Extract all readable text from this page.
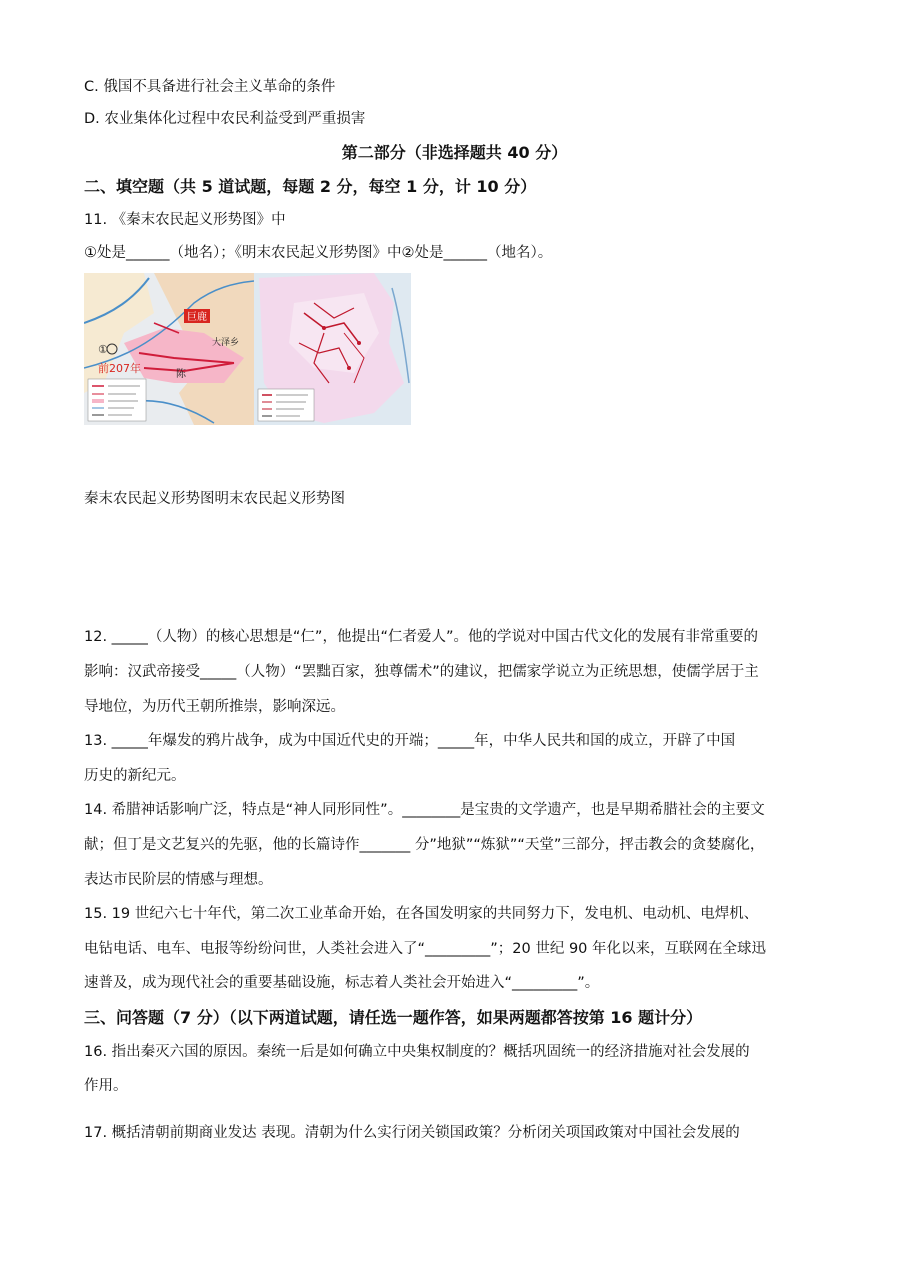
C. 俄国不具备进行社会主义革命的条件
D. 农业集体化过程中农民利益受到严重损害
第二部分（非选择题共 40 分）
二、填空题（共 5 道试题，每题 2 分，每空 1 分，计 10 分）
11. 《秦末农民起义形势图》中
①处是______（地名）；《明末农民起义形势图》中②处是______（地名）。
巨鹿
①
前207年
大泽乡
陈
秦末农民起义形势图明末农民起义形势图
12. _____（人物）的核心思想是“仁”，他提出“仁者爱人”。他的学说对中国古代文化的发展有非常重要的
影响：汉武帝接受_____（人物）“罢黜百家，独尊儒术”的建议，把儒家学说立为正统思想，使儒学居于主
导地位，为历代王朝所推崇，影响深远。
13. _____年爆发的鸦片战争，成为中国近代史的开端；_____年，中华人民共和国的成立，开辟了中国
历史的新纪元。
14. 希腊神话影响广泛，特点是“神人同形同性”。________是宝贵的文学遗产，也是早期希腊社会的主要文
献；但丁是文艺复兴的先驱，他的长篇诗作_______ 分”地狱”“炼狱”“天堂”三部分，抨击教会的贪婪腐化，
表达市民阶层的情感与理想。
15. 19 世纪六七十年代，第二次工业革命开始，在各国发明家的共同努力下，发电机、电动机、电焊机、
电钻电话、电车、电报等纷纷问世，人类社会进入了“_________”；20 世纪 90 年化以来，互联网在全球迅
速普及，成为现代社会的重要基础设施，标志着人类社会开始进入“_________”。
三、问答题（7 分）（以下两道试题，请任选一题作答，如果两题都答按第 16 题计分）
16. 指出秦灭六国的原因。秦统一后是如何确立中央集权制度的？概括巩固统一的经济措施对社会发展的
作用。
17. 概括清朝前期商业发达 表现。清朝为什么实行闭关锁国政策？分析闭关项国政策对中国社会发展的
